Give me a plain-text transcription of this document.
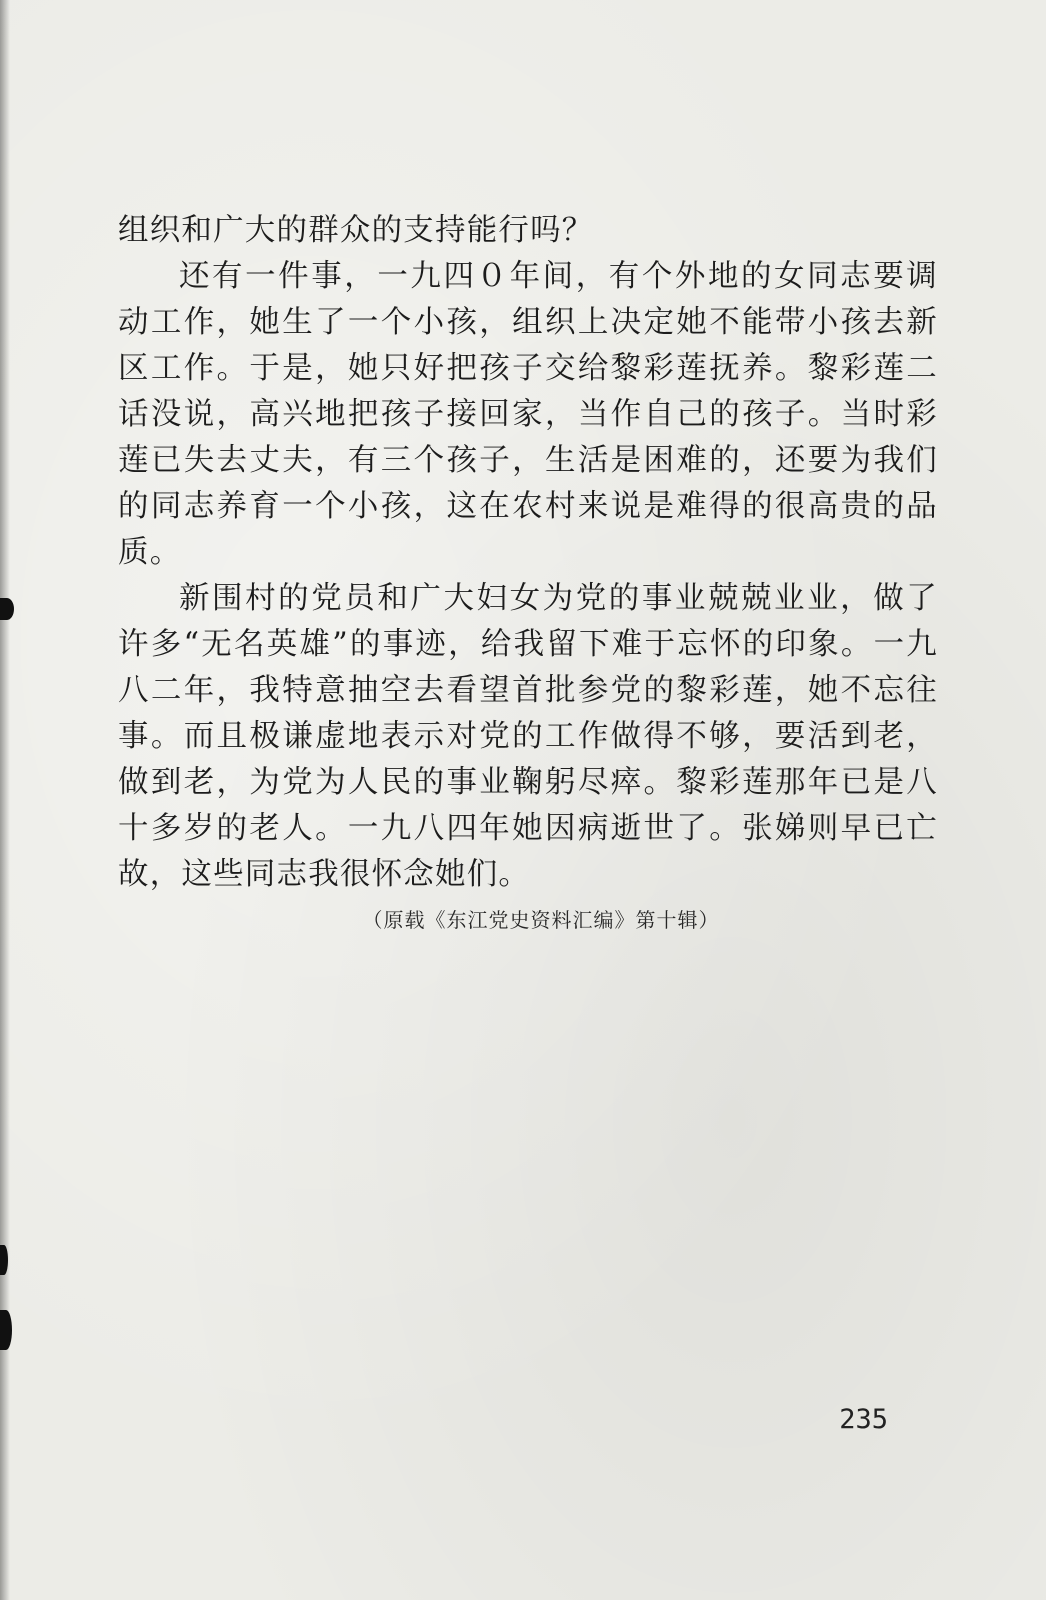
组织和广大的群众的支持能行吗？

还有一件事，一九四０年间，有个外地的女同志要调动工作，她生了一个小孩，组织上决定她不能带小孩去新区工作。于是，她只好把孩子交给黎彩莲抚养。黎彩莲二话没说，高兴地把孩子接回家，当作自己的孩子。当时彩莲已失去丈夫，有三个孩子，生活是困难的，还要为我们的同志养育一个小孩，这在农村来说是难得的很高贵的品质。

新围村的党员和广大妇女为党的事业兢兢业业，做了许多“无名英雄”的事迹，给我留下难于忘怀的印象。一九八二年，我特意抽空去看望首批参党的黎彩莲，她不忘往事。而且极谦虚地表示对党的工作做得不够，要活到老，做到老，为党为人民的事业鞠躬尽瘁。黎彩莲那年已是八十多岁的老人。一九八四年她因病逝世了。张娣则早已亡故，这些同志我很怀念她们。

（原载《东江党史资料汇编》第十辑）
235
